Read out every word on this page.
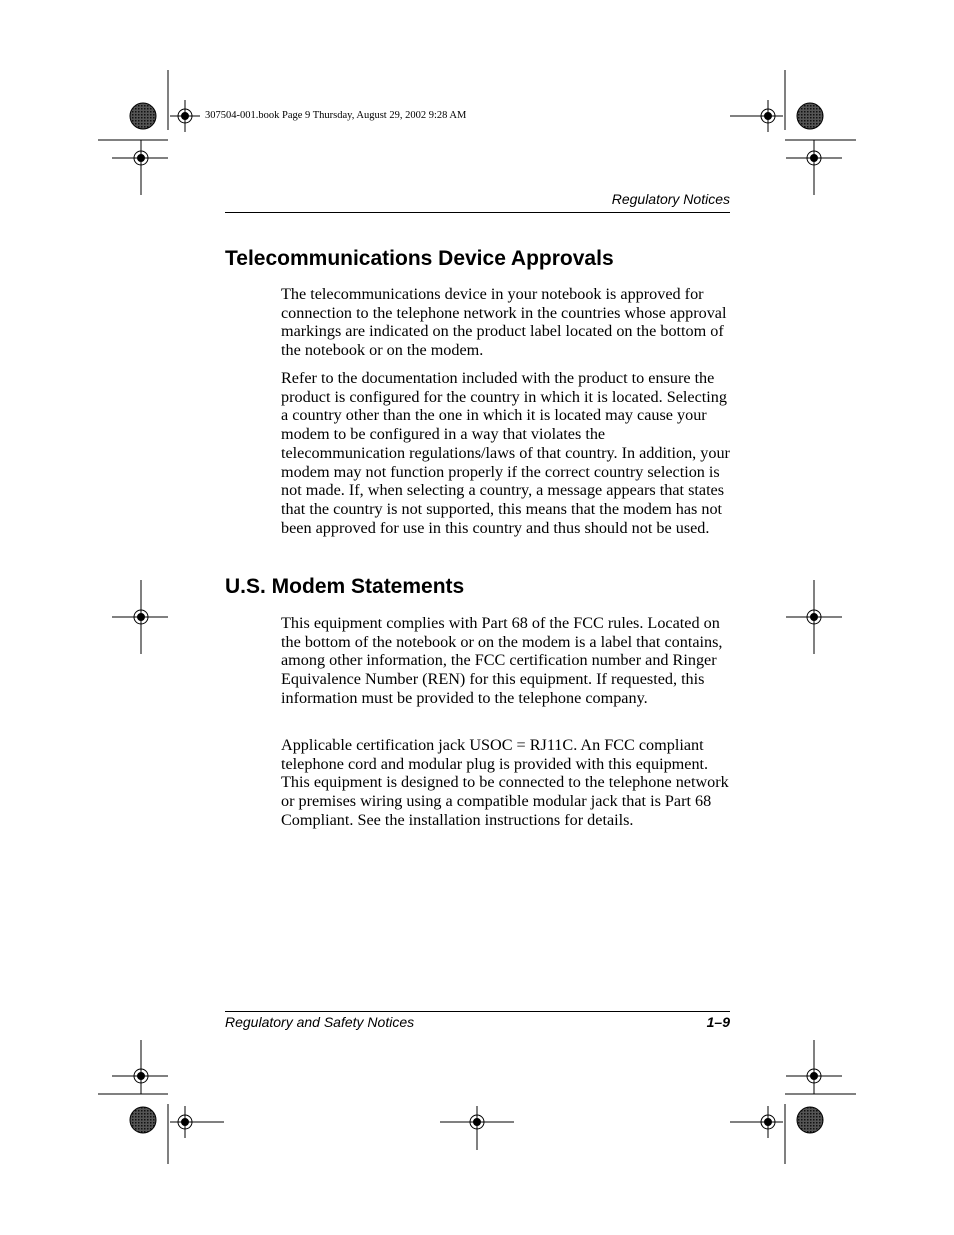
307504-001.book Page 9 Thursday, August 29, 2002 9:28 AM
Regulatory Notices
Telecommunications Device Approvals

The telecommunications device in your notebook is approved for connection to the telephone network in the countries whose approval markings are indicated on the product label located on the bottom of the notebook or on the modem.

Refer to the documentation included with the product to ensure the product is configured for the country in which it is located. Selecting a country other than the one in which it is located may cause your modem to be configured in a way that violates the telecommunication regulations/laws of that country. In addition, your modem may not function properly if the correct country selection is not made. If, when selecting a country, a message appears that states that the country is not supported, this means that the modem has not been approved for use in this country and thus should not be used.

U.S. Modem Statements

This equipment complies with Part 68 of the FCC rules. Located on the bottom of the notebook or on the modem is a label that contains, among other information, the FCC certification number and Ringer Equivalence Number (REN) for this equipment. If requested, this information must be provided to the telephone company.

Applicable certification jack USOC = RJ11C. An FCC compliant telephone cord and modular plug is provided with this equipment. This equipment is designed to be connected to the telephone network or premises wiring using a compatible modular jack that is Part 68 Compliant. See the installation instructions for details.

Regulatory and Safety Notices	1–9
